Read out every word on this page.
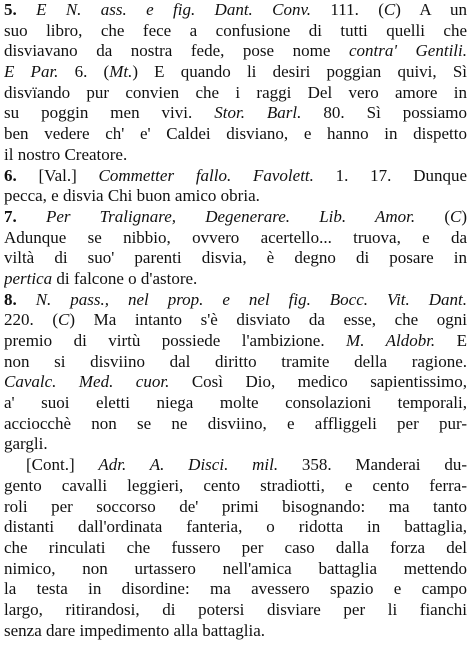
5. E N. ass. e fig. Dant. Conv. 111. (C) A un
suo libro, che fece a confusione di tutti quelli che
disviavano da nostra fede, pose nome contra' Gentili.
E Par. 6. (Mt.) E quando li desiri poggian quivi, Sì
disvïando pur convien che i raggi Del vero amore in
su poggin men vivi. Stor. Barl. 80. Sì possiamo
ben vedere ch' e' Caldei disviano, e hanno in dispetto
il nostro Creatore.
6. [Val.] Commetter fallo. Favolett. 1. 17. Dunque
pecca, e disvia Chi buon amico obria.
7. Per Tralignare, Degenerare. Lib. Amor. (C)
Adunque se nibbio, ovvero acertello... truova, e da
viltà di suo' parenti disvia, è degno di posare in
pertica di falcone o d'astore.
8. N. pass., nel prop. e nel fig. Bocc. Vit. Dant.
220. (C) Ma intanto s'è disviato da esse, che ogni
premio di virtù possiede l'ambizione. M. Aldobr. E
non si disviino dal diritto tramite della ragione.
Cavalc. Med. cuor. Così Dio, medico sapientissimo,
a' suoi eletti niega molte consolazioni temporali,
acciocchè non se ne disviino, e affliggeli per pur-
gargli.
[Cont.] Adr. A. Disci. mil. 358. Manderai du-
gento cavalli leggieri, cento stradiotti, e cento ferra-
roli per soccorso de' primi bisognando: ma tanto
distanti dall'ordinata fanteria, o ridotta in battaglia,
che rinculati che fussero per caso dalla forza del
nimico, non urtassero nell'amica battaglia mettendo
la testa in disordine: ma avessero spazio e campo
largo, ritirandosi, di potersi disviare per li fianchi
senza dare impedimento alla battaglia.
